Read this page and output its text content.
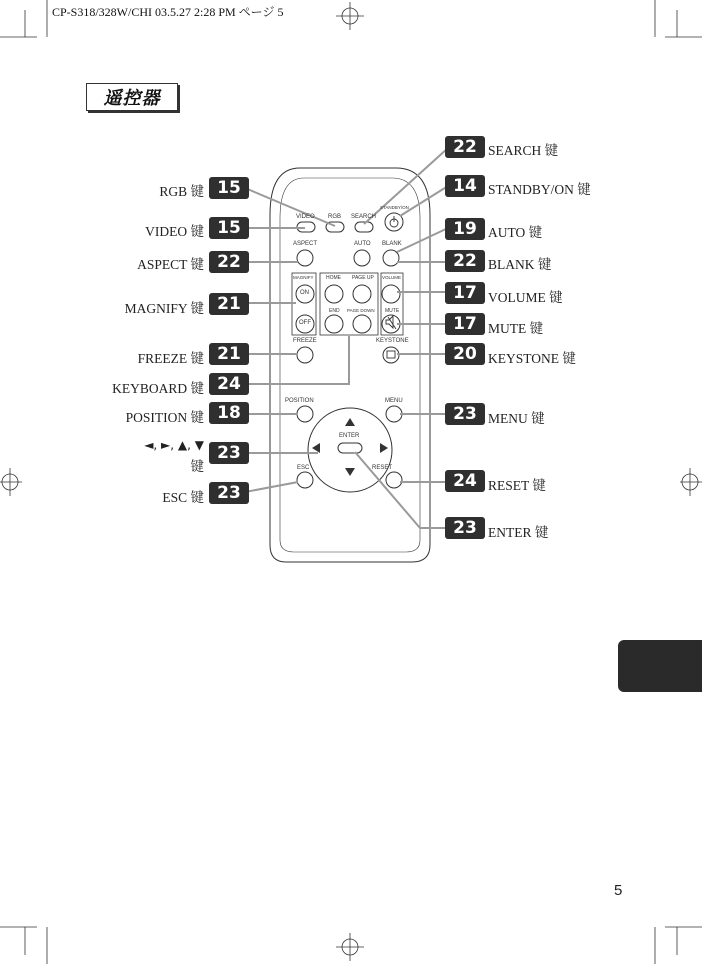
CP-S318/328W/CHI 03.5.27 2:28 PM ページ 5
遥控器
VIDEO RGB SEARCH
STANDBY/ON
ASPECT	AUTO BLANK
MAGNIFY
ON
OFF
HOME PAGE UP VOLUME
END PAGE DOWN MUTE
FREEZE	KEYSTONE
POSITION	MENU
ENTER
ESC	RESET
RGB 键 15
VIDEO 键 15
ASPECT 键 22
MAGNIFY 键 21
FREEZE 键 21
KEYBOARD 键 24
POSITION 键 18
◄, ►, ▲, ▼
键
23
ESC 键 23
22 SEARCH 键
14 STANDBY/ON 键
19 AUTO 键
22 BLANK 键
17 VOLUME 键
17 MUTE 键
20 KEYSTONE 键
23 MENU 键
24 RESET 键
23 ENTER 键
5
